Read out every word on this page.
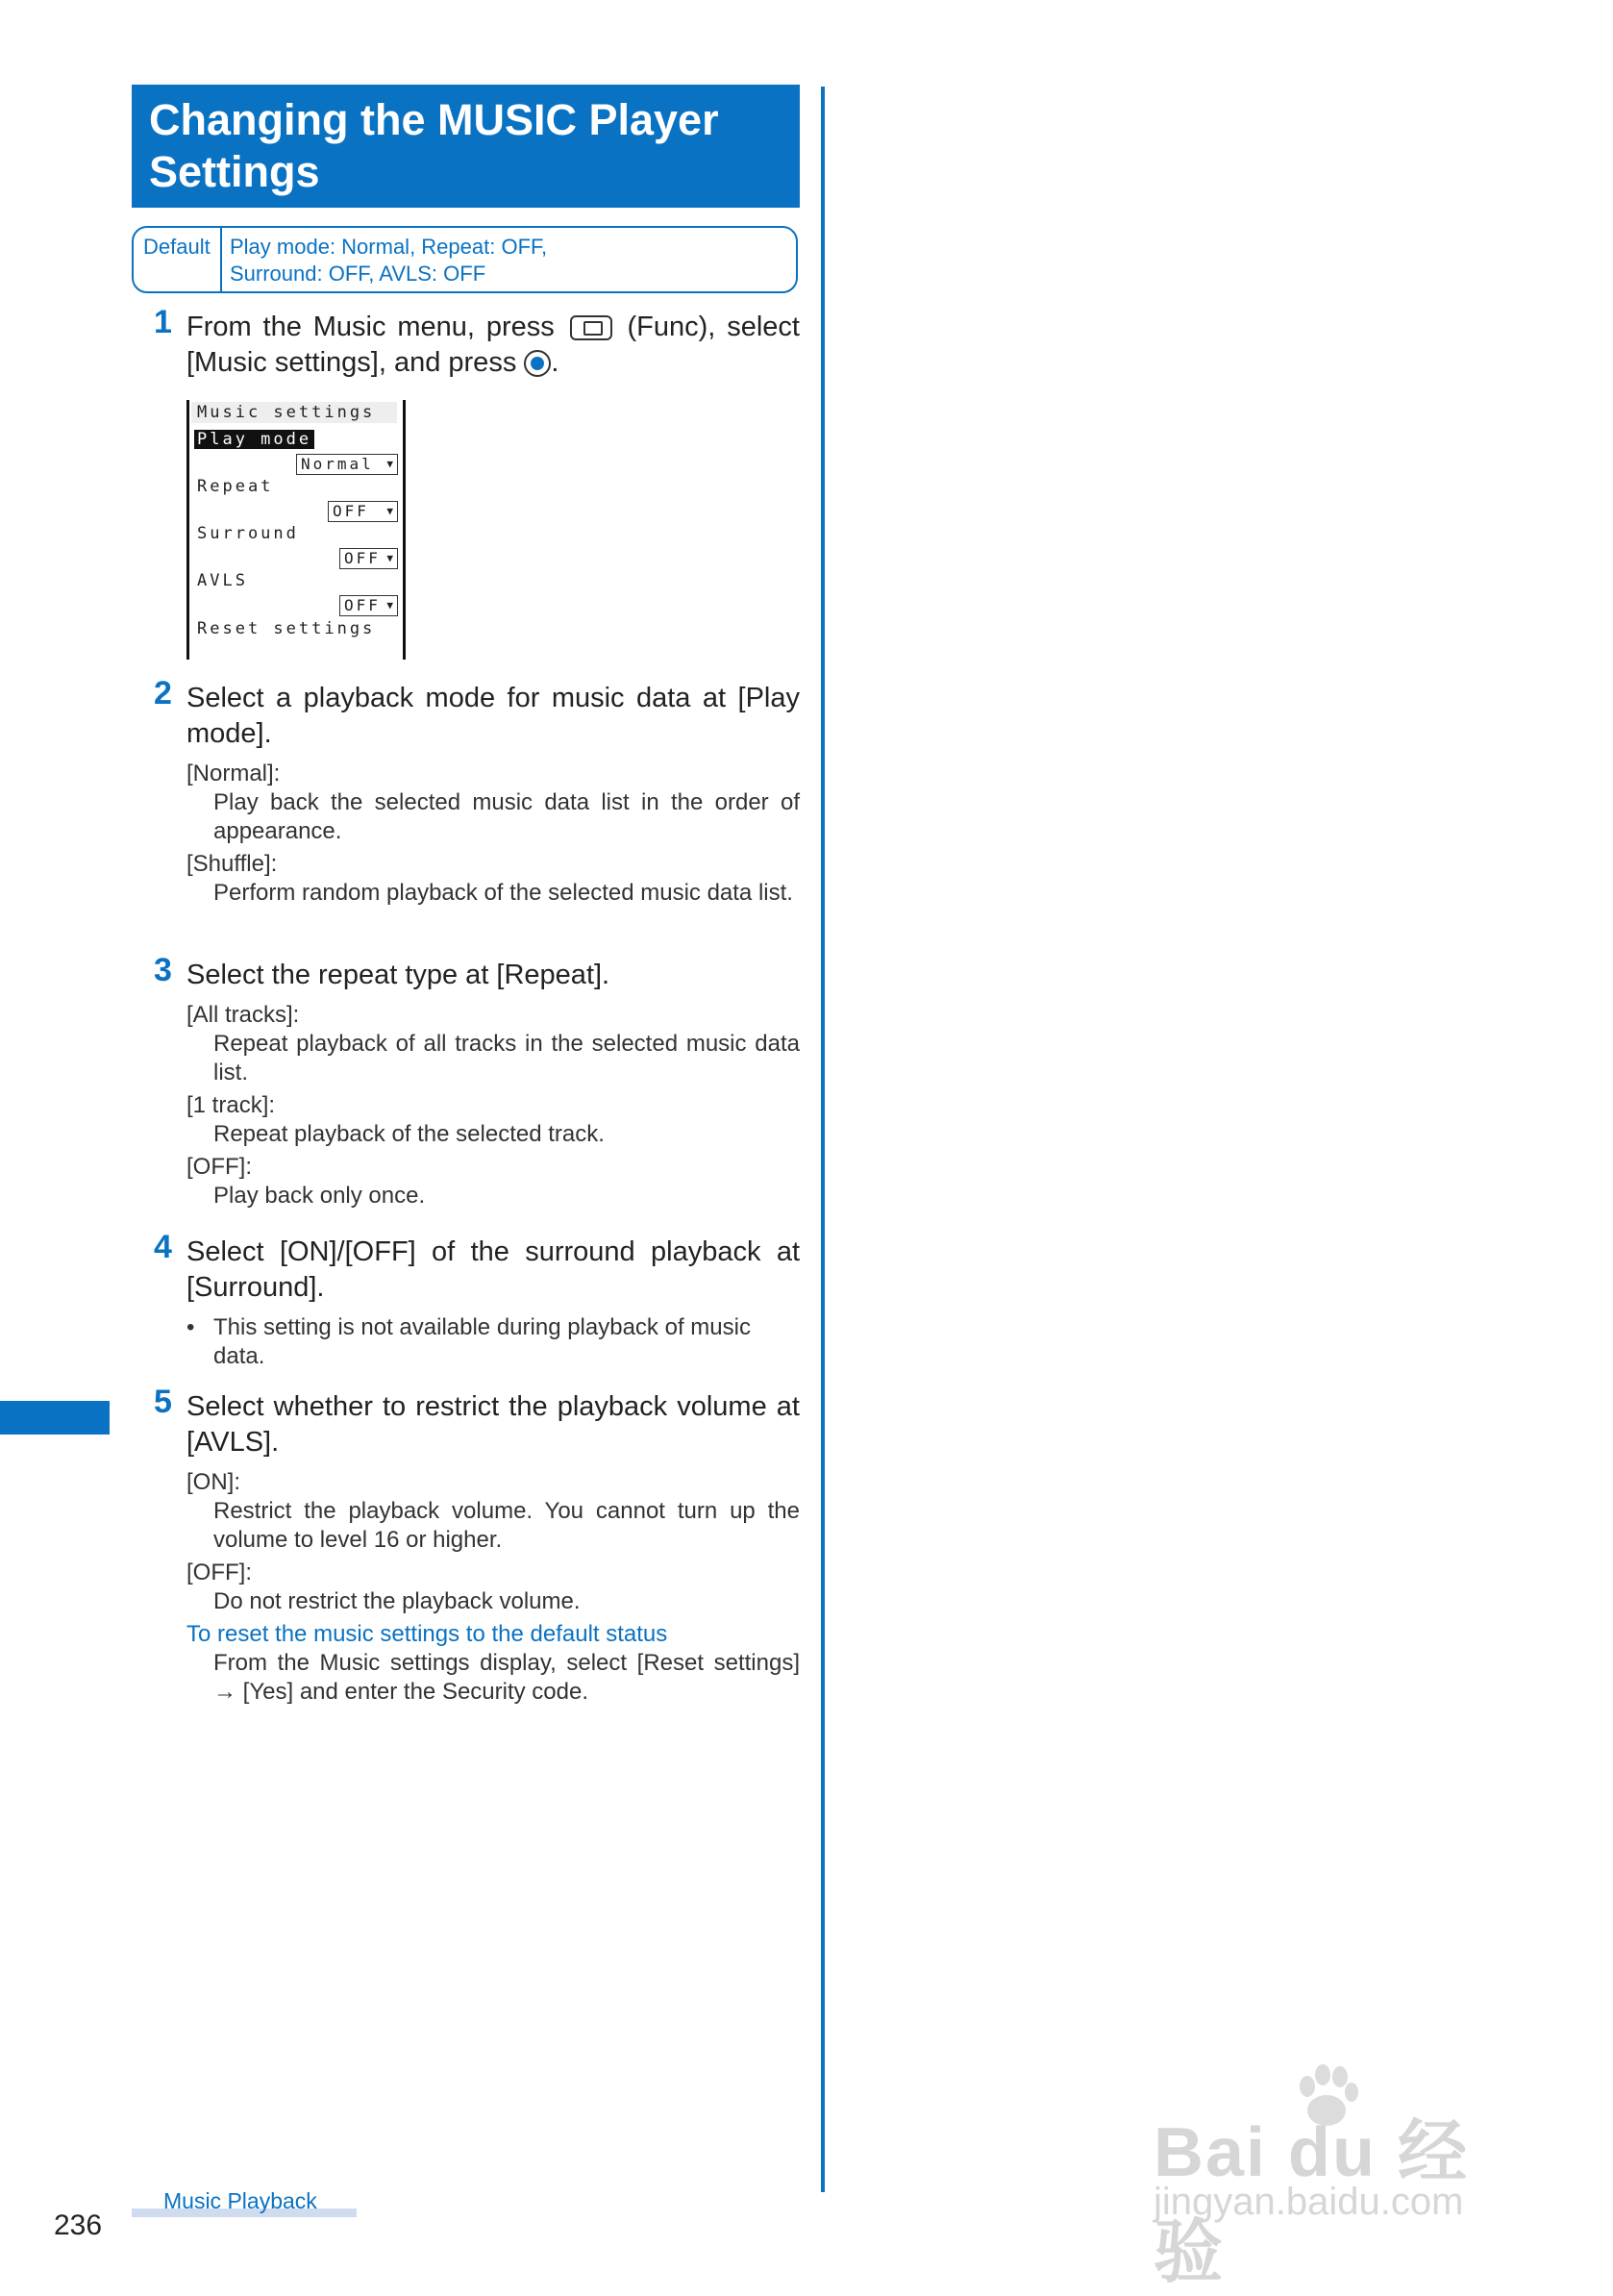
Changing the MUSIC Player
Settings
Default Play mode: Normal, Repeat: OFF,
Surround: OFF, AVLS: OFF
1 From the Music menu, press	(Func), select [Music settings], and press .
Music settings
Play mode
Normal ▼
Repeat
OFF ▼
Surround
OFF ▼
AVLS
OFF ▼
Reset settings
2 Select a playback mode for music data at [Play mode].
[Normal]:
Play back the selected music data list in the order of appearance.
[Shuffle]:
Perform random playback of the selected music data list.
3 Select the repeat type at [Repeat].
[All tracks]:
Repeat playback of all tracks in the selected music data list.
[1 track]:
Repeat playback of the selected track.
[OFF]:
Play back only once.
4 Select [ON]/[OFF] of the surround playback at [Surround].
• This setting is not available during playback of music data.
5 Select whether to restrict the playback volume at [AVLS].
[ON]:
Restrict the playback volume. You cannot turn up the volume to level 16 or higher.
[OFF]:
Do not restrict the playback volume.
To reset the music settings to the default status
From the Music settings display, select [Reset settings] → [Yes] and enter the Security code.
Music Playback
236
Bai du 经验
jingyan.baidu.com
